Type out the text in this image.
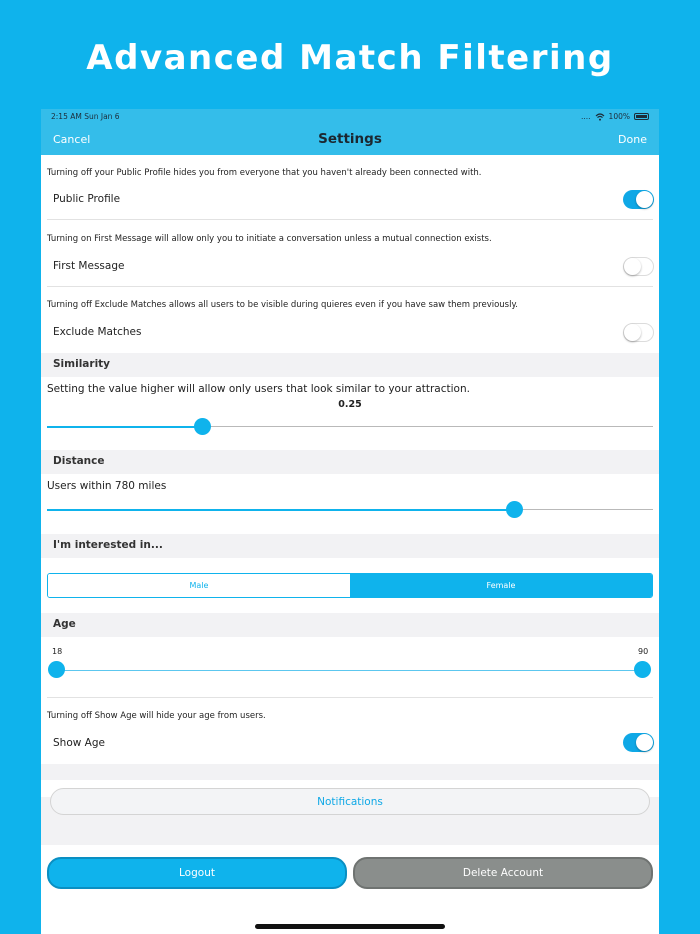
Advanced Match Filtering
2:15 AM Sun Jan 6	.... 100%
Cancel	Settings	Done
Turning off your Public Profile hides you from everyone that you haven't already been connected with.
Public Profile
Turning on First Message will allow only you to initiate a conversation unless a mutual connection exists.
First Message
Turning off Exclude Matches allows all users to be visible during quieres even if you have saw them previously.
Exclude Matches
Similarity
Setting the value higher will allow only users that look similar to your attraction.
0.25
Distance
Users within 780 miles
I'm interested in...
Male	Female
Age
18	90
Turning off Show Age will hide your age from users.
Show Age
Notifications
Logout	Delete Account
